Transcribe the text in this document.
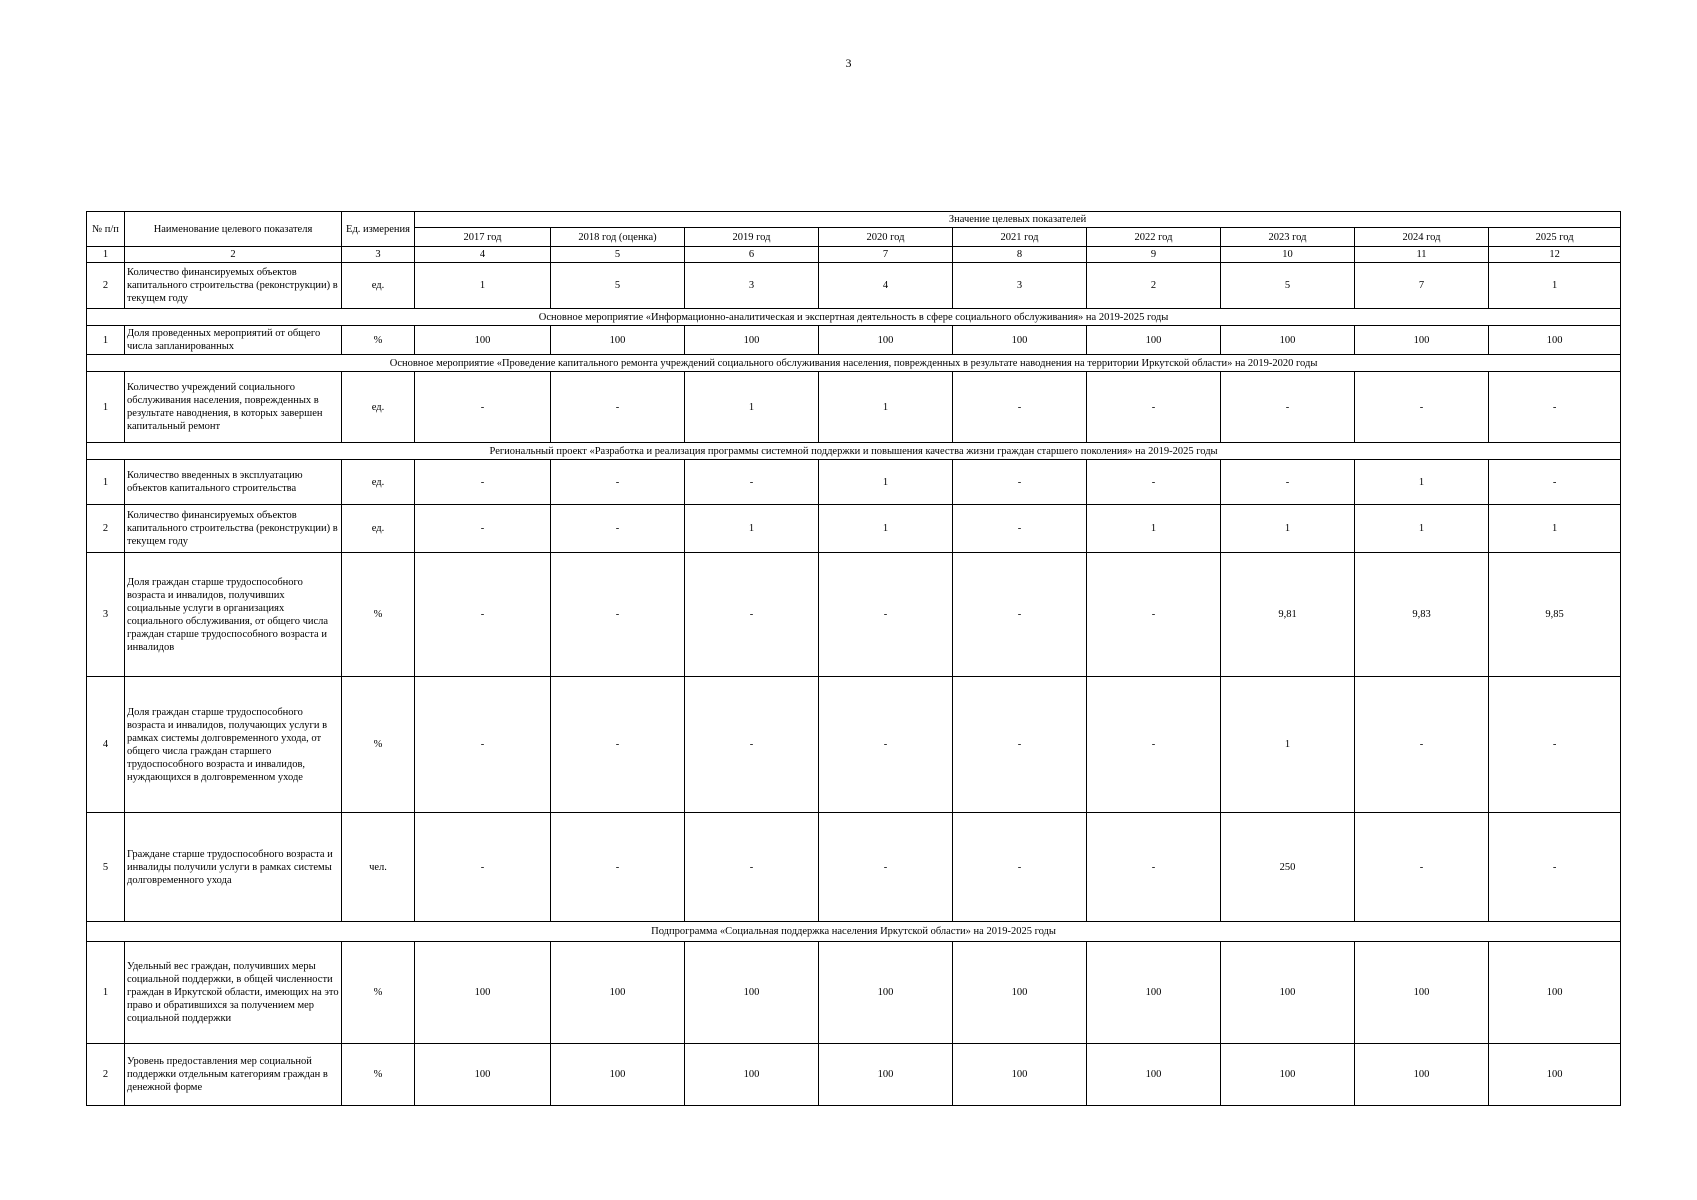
3
№ п/п	Наименование целевого показателя	Ед. измерения	Значение целевых показателей								
			2017 год	2018 год (оценка)	2019 год	2020 год	2021 год	2022 год	2023 год	2024 год	2025 год
1	2	3	4	5	6	7	8	9	10	11	12
2	Количество финансируемых объектов капитального строительства (реконструкции) в текущем году	ед.	1	5	3	4	3	2	5	7	1
Основное мероприятие «Информационно-аналитическая и экспертная деятельность в сфере социального обслуживания» на 2019-2025 годы											
1	Доля проведенных мероприятий от общего числа запланированных	%	100	100	100	100	100	100	100	100	100
Основное мероприятие «Проведение капитального ремонта учреждений социального обслуживания населения, поврежденных в результате наводнения на территории Иркутской области» на 2019-2020 годы											
1	Количество учреждений социального обслуживания населения, поврежденных в результате наводнения, в которых завершен капитальный ремонт	ед.	-	-	1	1	-	-	-	-	-
Региональный проект «Разработка и реализация программы системной поддержки и повышения качества жизни граждан старшего поколения» на 2019-2025 годы											
1	Количество введенных в эксплуатацию объектов капитального строительства	ед.	-	-	-	1	-	-	-	1	-
2	Количество финансируемых объектов капитального строительства (реконструкции) в текущем году	ед.	-	-	1	1	-	1	1	1	1
3	Доля граждан старше трудоспособного возраста и инвалидов, получивших социальные услуги в организациях социального обслуживания, от общего числа граждан старше трудоспособного возраста и инвалидов	%	-	-	-	-	-	-	9,81	9,83	9,85
4	Доля граждан старше трудоспособного возраста и инвалидов, получающих услуги в рамках системы долговременного ухода, от общего числа граждан старшего трудоспособного возраста и инвалидов, нуждающихся в долговременном уходе	%	-	-	-	-	-	-	1	-	-
5	Граждане старше трудоспособного возраста и инвалиды получили услуги в рамках системы долговременного ухода	чел.	-	-	-	-	-	-	250	-	-
Подпрограмма «Социальная поддержка населения Иркутской области» на 2019-2025 годы											
1	Удельный вес граждан, получивших меры социальной поддержки, в общей численности граждан в Иркутской области, имеющих на это право и обратившихся за получением мер социальной поддержки	%	100	100	100	100	100	100	100	100	100
2	Уровень предоставления мер социальной поддержки отдельным категориям граждан в денежной форме	%	100	100	100	100	100	100	100	100	100
